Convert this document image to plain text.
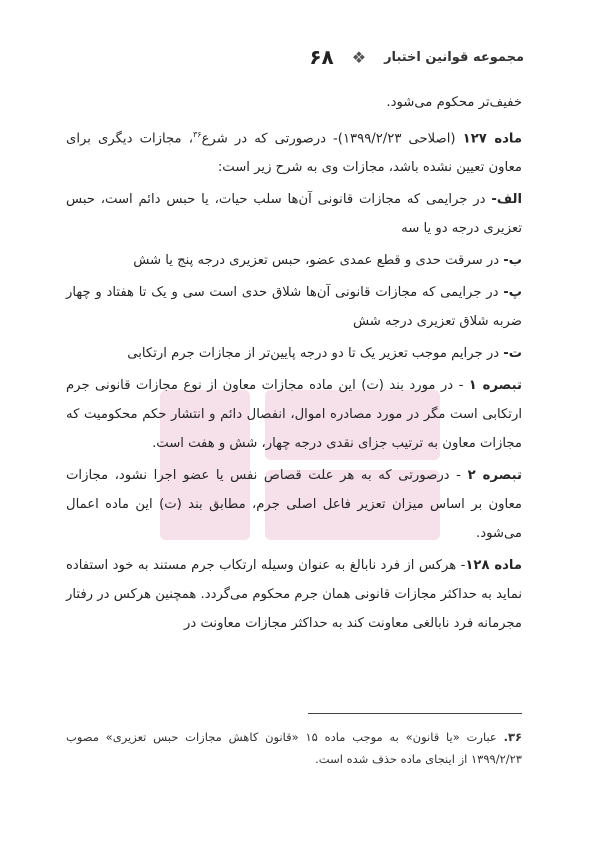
مجموعه قوانین اختبار
❖
۶۸

خفیف‌تر محکوم می‌شود.

ماده ۱۲۷ (اصلاحی ۱۳۹۹/۲/۲۳)- درصورتی که در شرع$^{۳۶}$، مجازات دیگری برای معاون تعیین نشده باشد، مجازات وی به شرح زیر است:

الف- در جرایمی که مجازات قانونی آن‌ها سلب حیات، یا حبس دائم است، حبس تعزیری درجه دو یا سه

ب- در سرقت حدی و قطع عمدی عضو، حبس تعزیری درجه پنج یا شش

پ- در جرایمی که مجازات قانونی آن‌ها شلاق حدی است سی و یک تا هفتاد و چهار ضربه شلاق تعزیری درجه شش

ت- در جرایم موجب تعزیر یک تا دو درجه پایین‌تر از مجازات جرم ارتکابی

تبصره ۱ - در مورد بند (ت) این ماده مجازات معاون از نوع مجازات قانونی جرم ارتکابی است مگر در مورد مصادره اموال، انفصال دائم و انتشار حکم محکومیت که مجازات معاون به ترتیب جزای نقدی درجه چهار، شش و هفت است.

تبصره ۲ - درصورتی که به هر علت قصاص نفس یا عضو اجرا نشود، مجازات معاون بر اساس میزان تعزیر فاعل اصلی جرم، مطابق بند (ت) این ماده اعمال می‌شود.

ماده ۱۲۸- هرکس از فرد نابالغ به عنوان وسیله ارتکاب جرم مستند به خود استفاده نماید به حداکثر مجازات قانونی همان جرم محکوم می‌گردد. همچنین هرکس در رفتار مجرمانه فرد نابالغی معاونت کند به حداکثر مجازات معاونت در

۳۶. عبارت «یا قانون» به موجب ماده ۱۵ «قانون کاهش مجازات حبس تعزیری» مصوب ۱۳۹۹/۲/۲۳ از اینجای ماده حذف شده است.
